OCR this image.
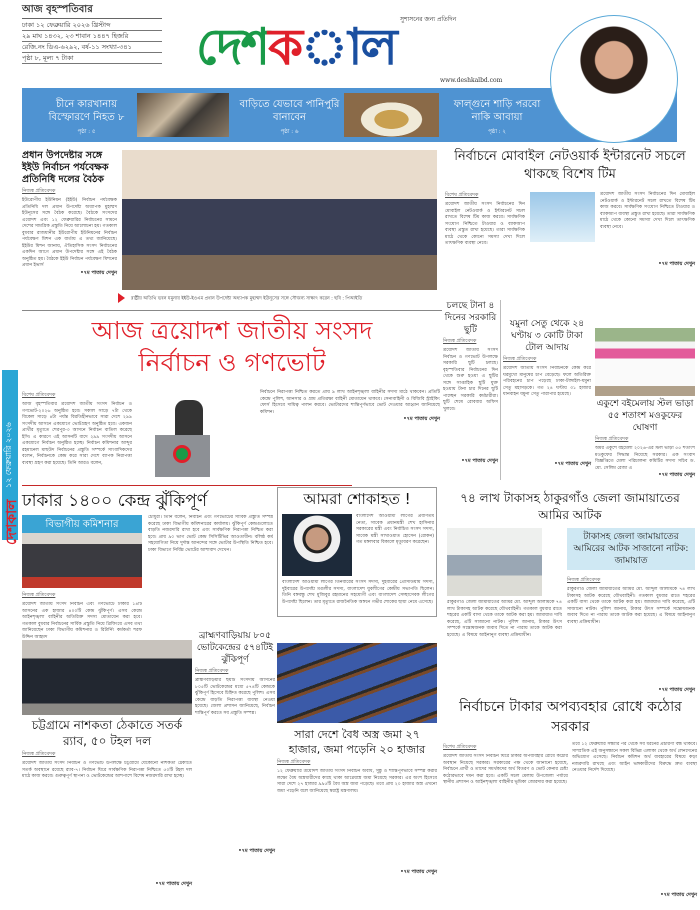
আজ বৃহস্পতিবার
ঢাকা ১২ ফেব্রুয়ারি ২০২৬ খ্রিস্টাব্দ
২৯ মাঘ ১৪৩২, ২৩ শাবান ১৪৪৭ হিজরি
রেজি.নং ডিএ-৬২৯২, বর্ষ-১১ সংখ্যা-৩৪১
পৃষ্ঠা ৮, মূল্য ৭ টাকা
সুশাসনের জন্য প্রতিদিন
দেশ ক াল
www.deshkalbd.com
চীনে কারখানায় বিস্ফোরণে নিহত ৮
পৃষ্ঠা : ৫
বাড়িতে যেভাবে পানিপুরি বানাবেন
পৃষ্ঠা : ৬
ফাল্গুনে শাড়ি পরবো নাকি আবায়া
পৃষ্ঠা : ২
প্রধান উপদেষ্টার সঙ্গে ইইউ নির্বাচন পর্যবেক্ষক প্রতিনিধি দলের বৈঠক
নিজস্ব প্রতিবেদক
ইউরোপীয় ইউনিয়ন (ইইউ) নির্বাচন পর্যবেক্ষক প্রতিনিধি দল প্রধান উপদেষ্টা অধ্যাপক মুহাম্মদ ইউনূসের সঙ্গে বৈঠক করেছে। বৈঠকে সংসদের এয়োদশ এবং ১২ ফেব্রুয়ারির নির্বাচনের সামনে দেশের সামগ্রিক প্রস্তুতি নিয়ে আলোচনা হয়। গতকাল বুধবার রাজধানীর ইউরোপীয় ইউনিয়নের নির্বাচন পর্যবেক্ষণ মিশন এক বার্তায় এ তথ্য জানিয়েছে। ইইউর মিশন জানায়, ঐতিহাসিক সংসদ নির্বাচনের একদিন আগে প্রধান উপদেষ্টার সঙ্গে এই বৈঠক অনুষ্ঠিত হয়। বৈঠকে ইইউ নির্বাচন পর্যবেক্ষণ মিশনের প্রধান ইভার্স
•৭ম পাতায় দেখুন
রাষ্ট্রীয় অতিথি ভবন যমুনায় ইইউ-ইওএম প্রধান উপদেষ্টা অধ্যাপক মুহাম্মদ ইউনূসের সঙ্গে সৌজন্য সাক্ষাৎ করেন : ছবি : পিআইডি
নির্বাচনে মোবাইল নেটওয়ার্ক ইন্টারনেট সচলে থাকছে বিশেষ টিম
বিশেষ প্রতিবেদক
ত্রয়োদশ জাতীয় সংসদ নির্বাচনের দিন মোবাইল নেটওয়ার্ক ও ইন্টারনেট সচল রাখতে বিশেষ টিম কাজ করবে। সার্বক্ষণিক সংযোগ নিশ্চিতে টাওয়ার ও ব্যাকআপ ব্যবস্থা প্রস্তুত রাখা হয়েছে। তারা সার্বক্ষণিক মাঠে থেকে কোনো সমস্যা দেখা দিলে তাৎক্ষণিক ব্যবস্থা নেবে।
ত্রয়োদশ জাতীয় সংসদ নির্বাচনের দিন মোবাইল নেটওয়ার্ক ও ইন্টারনেট সচল রাখতে বিশেষ টিম কাজ করবে। সার্বক্ষণিক সংযোগ নিশ্চিতে টাওয়ার ও ব্যাকআপ ব্যবস্থা প্রস্তুত রাখা হয়েছে। তারা সার্বক্ষণিক মাঠে থেকে কোনো সমস্যা দেখা দিলে তাৎক্ষণিক ব্যবস্থা নেবে।
•৭ম পাতায় দেখুন
আজ ত্রয়োদশ জাতীয় সংসদ
নির্বাচন ও গণভোট
১২ ফেব্রুয়ারি ২০২৬
দেশকাল
বিশেষ প্রতিবেদক
আজ বৃহস্পতিবার ত্রয়োদশ জাতীয় সংসদ নির্বাচন ও গণভোট-২০২৬ অনুষ্ঠিত হবে। সকাল সাড়ে ৭টা থেকে বিকেল সাড়ে ৪টা পর্যন্ত বিরতিহীনভাবে সারা দেশে ২৯৯ সংসদীয় আসনে একযোগে ভোটগ্রহণ অনুষ্ঠিত হবে। একজন প্রার্থীর মৃত্যুতে শেরপুর-৩ আসনে নির্বাচন বাতিল করেছে ইসি। এ কারণে এই আসনটি বাদে ২৯৯ সংসদীয় আসনে একযোগে নির্বাচন অনুষ্ঠিত হচ্ছে। নির্বাচন কমিশনার আব্দুর রহমানেল মাছউদ নির্বাচনের প্রস্তুতি সম্পর্কে সাংবাদিকদের বলেন, নির্বাচনকে কেন্দ্র করে সারা দেশে ব্যাপক নিরাপত্তা ব্যবস্থা গ্রহণ করা হয়েছে। তিনি আরও বলেন,
নির্বাচনে নিরাপত্তা নিশ্চিত করতে প্রায় ৯ লাখ আইনশৃঙ্খলা বাহিনীর সদস্য মাঠে থাকবেন। প্রতিটি কেন্দ্রে পুলিশ, আনসার ও গ্রাম প্রতিরক্ষা বাহিনী মোতায়েন থাকবে। সেনাবাহিনী ও বিজিবি স্ট্রাইকিং ফোর্স হিসেবে দায়িত্ব পালন করবে। ভোটারদের শান্তিপূর্ণভাবে ভোট দেওয়ার আহ্বান জানিয়েছে কমিশন।
•৭ম পাতায় দেখুন
চলছে টানা ৪ দিনের সরকারি ছুটি
নিজস্ব প্রতিবেদক
ত্রয়োদশ জাতীয় সংসদ নির্বাচন ও গণভোট উপলক্ষে সরকারি ছুটি চলছে। বৃহস্পতিবার নির্বাচনের দিন থেকে শুরু হওয়া এ ছুটির সঙ্গে সাপ্তাহিক ছুটি যুক্ত হওয়ায় টানা চার দিনের ছুটি পাচ্ছেন সরকারি কর্মচারীরা। ছুটি শেষে রোববার অফিস খুলবে।
•৭ম পাতায় দেখুন
যমুনা সেতু থেকে ২৪ ঘণ্টায় ৩ কোটি টাকা টোল আদায়
নিজস্ব প্রতিবেদক
ত্রয়োদশ জাতীয় সংসদ নির্বাচনকে কেন্দ্র করে ঘরমুখো মানুষের চাপ বেড়েছে। ফলে অতিরিক্ত পরিবহনের চাপ পড়েছে ঢাকা-টাঙ্গাইল-যমুনা সেতু মহাসড়কে। গত ২৪ ঘণ্টায় ৩১ হাজার যানবাহন যমুনা সেতু পারাপার হয়েছে।
•৭ম পাতায় দেখুন
একুশে বইমেলায় স্টল ভাড়া ৫৫ শতাংশ মওকুফের ঘোষণা
নিজস্ব প্রতিবেদক
অমর একুশে বইমেলা ২০২৬-এর স্টল ভাড়া ৫৫ শতাংশ মওকুফের সিদ্ধান্ত নিয়েছে সরকার। এক সংবাদ বিজ্ঞপ্তিতে মেলা পরিচালনা কমিটির সদস্য সচিব ড. মো. সেলিম রেজা এ
•৭ম পাতায় দেখুন
ঢাকার ১৪০০ কেন্দ্র ঝুঁকিপূর্ণ
বিভাগীয় কমিশনার
নিজস্ব প্রতিবেদক
ত্রয়োদশ জাতীয় সংসদ নির্বাচন এবং গণভোটে ঢাকার ১৪টি আসনের এক হাজার ৪০০টি কেন্দ্র ঝুঁকিপূর্ণ। এসব কেন্দ্রে আইনশৃঙ্খলা বাহিনীর অতিরিক্ত সদস্য মোতায়েন করা হবে। গতকাল বুধবার নির্বাচনের সার্বিক প্রস্তুতি নিয়ে ব্রিফিংয়ে এসব তথ্য জানিয়েছেন ঢাকা বিভাগীয় কমিশনার ও রিটার্নিং কর্মকর্তা শরফ উদ্দিন আহমদ
চৌধুরী। তিনি বলেন, নির্বাচন এবং গণভোটের সার্বিক প্রস্তুতি সম্পন্ন করেছে ঢাকা বিভাগীয় কমিশনারের কার্যালয়। ঝুঁকিপূর্ণ কেন্দ্রগুলোতে বাড়তি নজরদারি রাখা হবে এবং সার্বক্ষণিক নিরাপত্তা নিশ্চিত করা হবে। প্রায় ৯০ ভাগ ভোট কেন্দ্র সিসিটিভির আওতাধীন। বলিষ্ঠ কর্ম সহযোগিতা নিয়ে দুর্দান্ত আনন্দের সঙ্গে ভোটার উপস্থিতি নিশ্চিত হবে। ঢাকা বিভাগে নির্বিঘ্ন ভোটের আশাবাদ দেখেন।
আমরা শোকাহত !
বাংলাদেশ আওয়ামী লীগের প্রবীণতম নেতা, সাবেক প্রধানমন্ত্রী শেখ হাসিনার সরকারের মন্ত্রী এবং নির্বাচিত সংসদ সদস্য, সাবেক মন্ত্রী সাখাওয়াত হোসেন (রোকন) গত মঙ্গলবার বিকালে মৃত্যুবরণ করেছেন।
বাংলাদেশ আওয়ামী লীগের তিনবারের সংসদ সদস্য, দুইবারের প্রেসিডিয়াম সদস্য, দুইবারের উপদেষ্টা মণ্ডলীর সদস্য, বাংলাদেশ যুবলীগের কেন্দ্রীয় সভাপতি ছিলেন। তিনি বঙ্গবন্ধু শেখ মুজিবুর রহমানের সহযোগী এবং বাংলাদেশ সেচ্ছাসেবক লীগের উপদেষ্টা ছিলেন। তার মৃত্যুতে রাজনৈতিক অঙ্গনে গভীর শোকের ছায়া নেমে এসেছে।
৭৪ লাখ টাকাসহ ঠাকুরগাঁও জেলা জামায়াতের আমির আটক
টাকাসহ জেলা জামায়াতের আমিরের আটক সাজানো নাটক: জামায়াত
নিজস্ব প্রতিবেদক
ঠাকুরগাঁও জেলা জামায়াতের আমির মো. আব্দুল আলীমকে ৭৪ লাখ টাকাসহ আটক করেছে যৌথবাহিনী। গতকাল বুধবার রাতে শহরের একটি বাসা থেকে তাকে আটক করা হয়। জামায়াত দাবি করেছে, এটি সাজানো নাটক। পুলিশ জানায়, টাকার উৎস সম্পর্কে সন্তোষজনক জবাব দিতে না পারায় তাকে আটক করা হয়েছে। এ বিষয়ে আইনানুগ ব্যবস্থা প্রক্রিয়াধীন।
•৭ম পাতায় দেখুন
ঠাকুরগাঁও জেলা জামায়াতের আমির মো. আব্দুল আলীমকে ৭৪ লাখ টাকাসহ আটক করেছে যৌথবাহিনী। গতকাল বুধবার রাতে শহরের একটি বাসা থেকে তাকে আটক করা হয়। জামায়াত দাবি করেছে, এটি সাজানো নাটক। পুলিশ জানায়, টাকার উৎস সম্পর্কে সন্তোষজনক জবাব দিতে না পারায় তাকে আটক করা হয়েছে। এ বিষয়ে আইনানুগ ব্যবস্থা প্রক্রিয়াধীন।
ব্রাহ্মণবাড়িয়ায় ৮০৫ ভোটকেন্দ্রের ৫৭৪টিই ঝুঁকিপূর্ণ
নিজস্ব প্রতিবেদক
ব্রাহ্মণবাড়িয়ার ছয়টি সংসদীয় আসনের ৮০৫টি ভোটকেন্দ্রের মধ্যে ৫৭৪টি কেন্দ্রকে ঝুঁকিপূর্ণ হিসেবে চিহ্নিত করেছে পুলিশ। এসব কেন্দ্রে বাড়তি নিরাপত্তা ব্যবস্থা নেওয়া হয়েছে। জেলা প্রশাসন জানিয়েছে, নির্বাচন শান্তিপূর্ণ করতে সব প্রস্তুতি সম্পন্ন।
•৭ম পাতায় দেখুন
চট্টগ্রামে নাশকতা ঠেকাতে সতর্ক র‍্যাব, ৫০ টহল দল
নিজস্ব প্রতিবেদক
ত্রয়োদশ জাতীয় সংসদ নির্বাচন ও গণভোট উপলক্ষে চট্টগ্রামে যেকোনো নাশকতা ঠেকাতে সতর্ক অবস্থানে রয়েছে র‍্যাব-৭। নির্বাচন ঘিরে সার্বক্ষণিক নিরাপত্তা নিশ্চিতে ৫০টি টহল দল মাঠে কাজ করবে। গুরুত্বপূর্ণ স্থাপনা ও ভোটকেন্দ্রের আশপাশে বিশেষ নজরদারি রাখা হচ্ছে।
•৭ম পাতায় দেখুন
সারা দেশে বৈধ অস্ত্র জমা ২৭ হাজার, জমা পড়েনি ২০ হাজার
নিজস্ব প্রতিবেদক
১২ ফেব্রুয়ারি ত্রয়োদশ জাতীয় সংসদ নির্বাচন অবাধ, সুষ্ঠু ও শান্তিপূর্ণভাবে সম্পন্ন করার লক্ষ্যে বৈধ অস্ত্রধারীদের কাছে থাকা আগ্নেয়াস্ত্র জমা নিয়েছে সরকার। এর অংশ হিসেবে সারা দেশে ২৭ হাজার ৯৯৫টি বৈধ অস্ত্র জমা পড়েছে। তবে প্রায় ২০ হাজার অস্ত্র এখনো জমা পড়েনি বলে জানিয়েছে স্বরাষ্ট্র মন্ত্রণালয়।
•৭ম পাতায় দেখুন
নির্বাচনে টাকার অপব্যবহার রোধে কঠোর সরকার
বিশেষ প্রতিবেদক
ত্রয়োদশ জাতীয় সংসদ নির্বাচন ঘিরে টাকার অপব্যবহার রোধে কঠোর অবস্থান নিয়েছে সরকার। সরকারের পক্ষ থেকে জানানো হয়েছে, নির্বাচনে প্রার্থী ও তাদের সমর্থকদের অর্থ বিতরণ ও ভোট কেনার চেষ্টা কঠোরভাবে দমন করা হবে। একটি সচল মেলায় উপজেলা পর্যায়ে স্থানীয় প্রশাসন ও আইনশৃঙ্খলা বাহিনীর ভূমিকা জোরদার করা হয়েছে।
তবে ১২ ফেব্রুয়ারি সন্ধ্যার পর থেকে সব ধরনের প্রচারণা বন্ধ থাকবে। সাম্প্রতিক এই অনুসন্ধানে সকল বিভিন্ন এলাকা থেকে অর্থ লেনদেনের অভিযোগ এসেছে। নির্বাচন কমিশন অর্থ ব্যবহারের বিষয়ে কড়া নজরদারি রাখছে এবং আইন ভঙ্গকারীদের বিরুদ্ধে দ্রুত ব্যবস্থা নেওয়ার নির্দেশ দিয়েছে।
•৭ম পাতায় দেখুন
